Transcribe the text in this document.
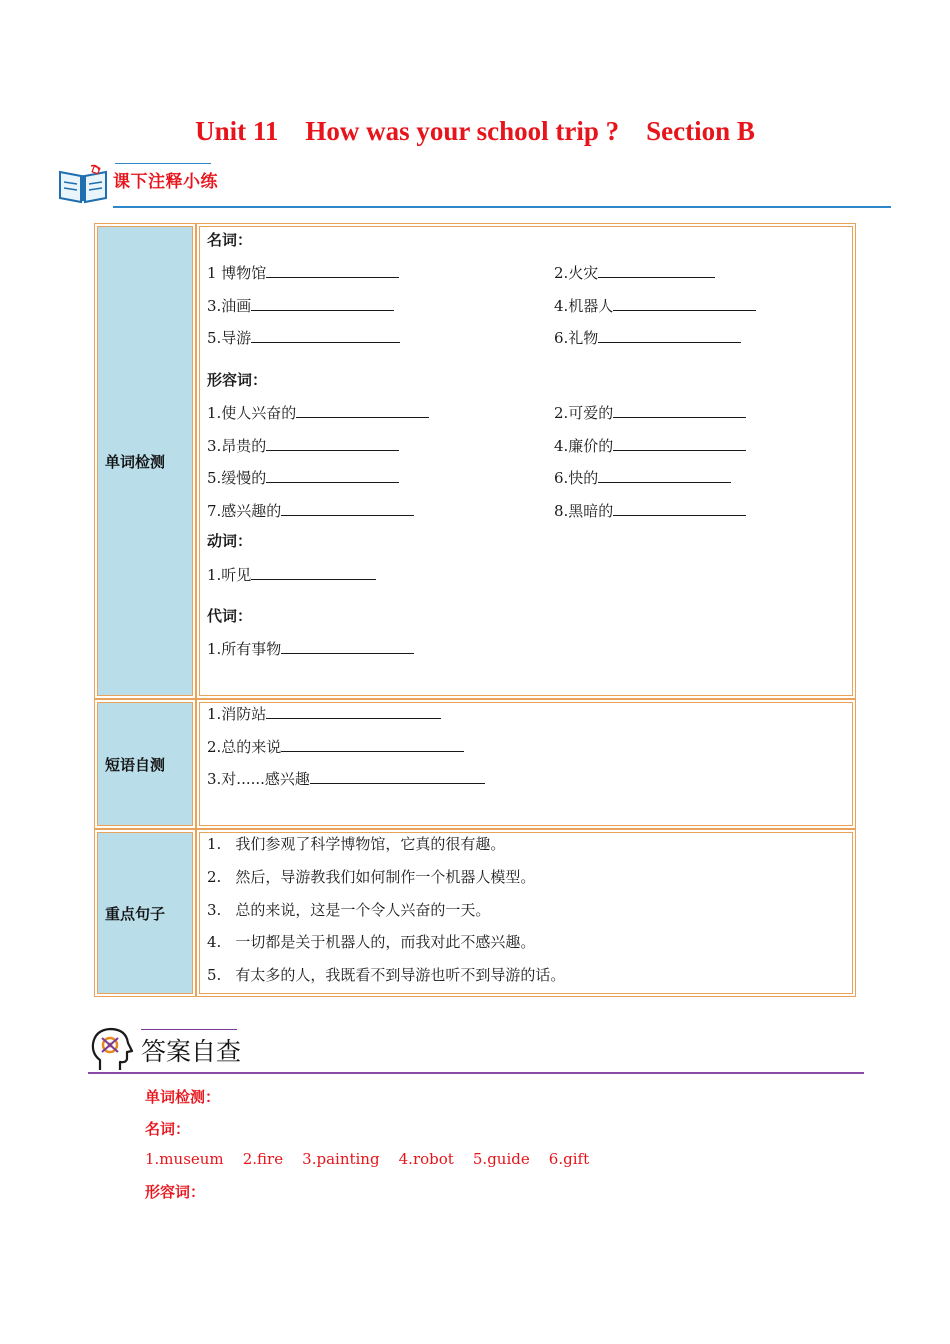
Unit 11    How was your school trip ?    Section B
课下注释小练
单词检测
名词：
1 博物馆	2.火灾
3.油画	4.机器人
5.导游	6.礼物
形容词：
1.使人兴奋的	2.可爱的
3.昂贵的	4.廉价的
5.缓慢的	6.快的
7.感兴趣的	8.黑暗的
动词：
1.听见
代词：
1.所有事物
短语自测
1.消防站
2.总的来说
3.对......感兴趣
重点句子
1. 我们参观了科学博物馆，它真的很有趣。
2. 然后，导游教我们如何制作一个机器人模型。
3. 总的来说，这是一个令人兴奋的一天。
4. 一切都是关于机器人的，而我对此不感兴趣。
5. 有太多的人，我既看不到导游也听不到导游的话。
答案自查
单词检测：
名词：
1.museum    2.fire    3.painting    4.robot    5.guide    6.gift
形容词：
